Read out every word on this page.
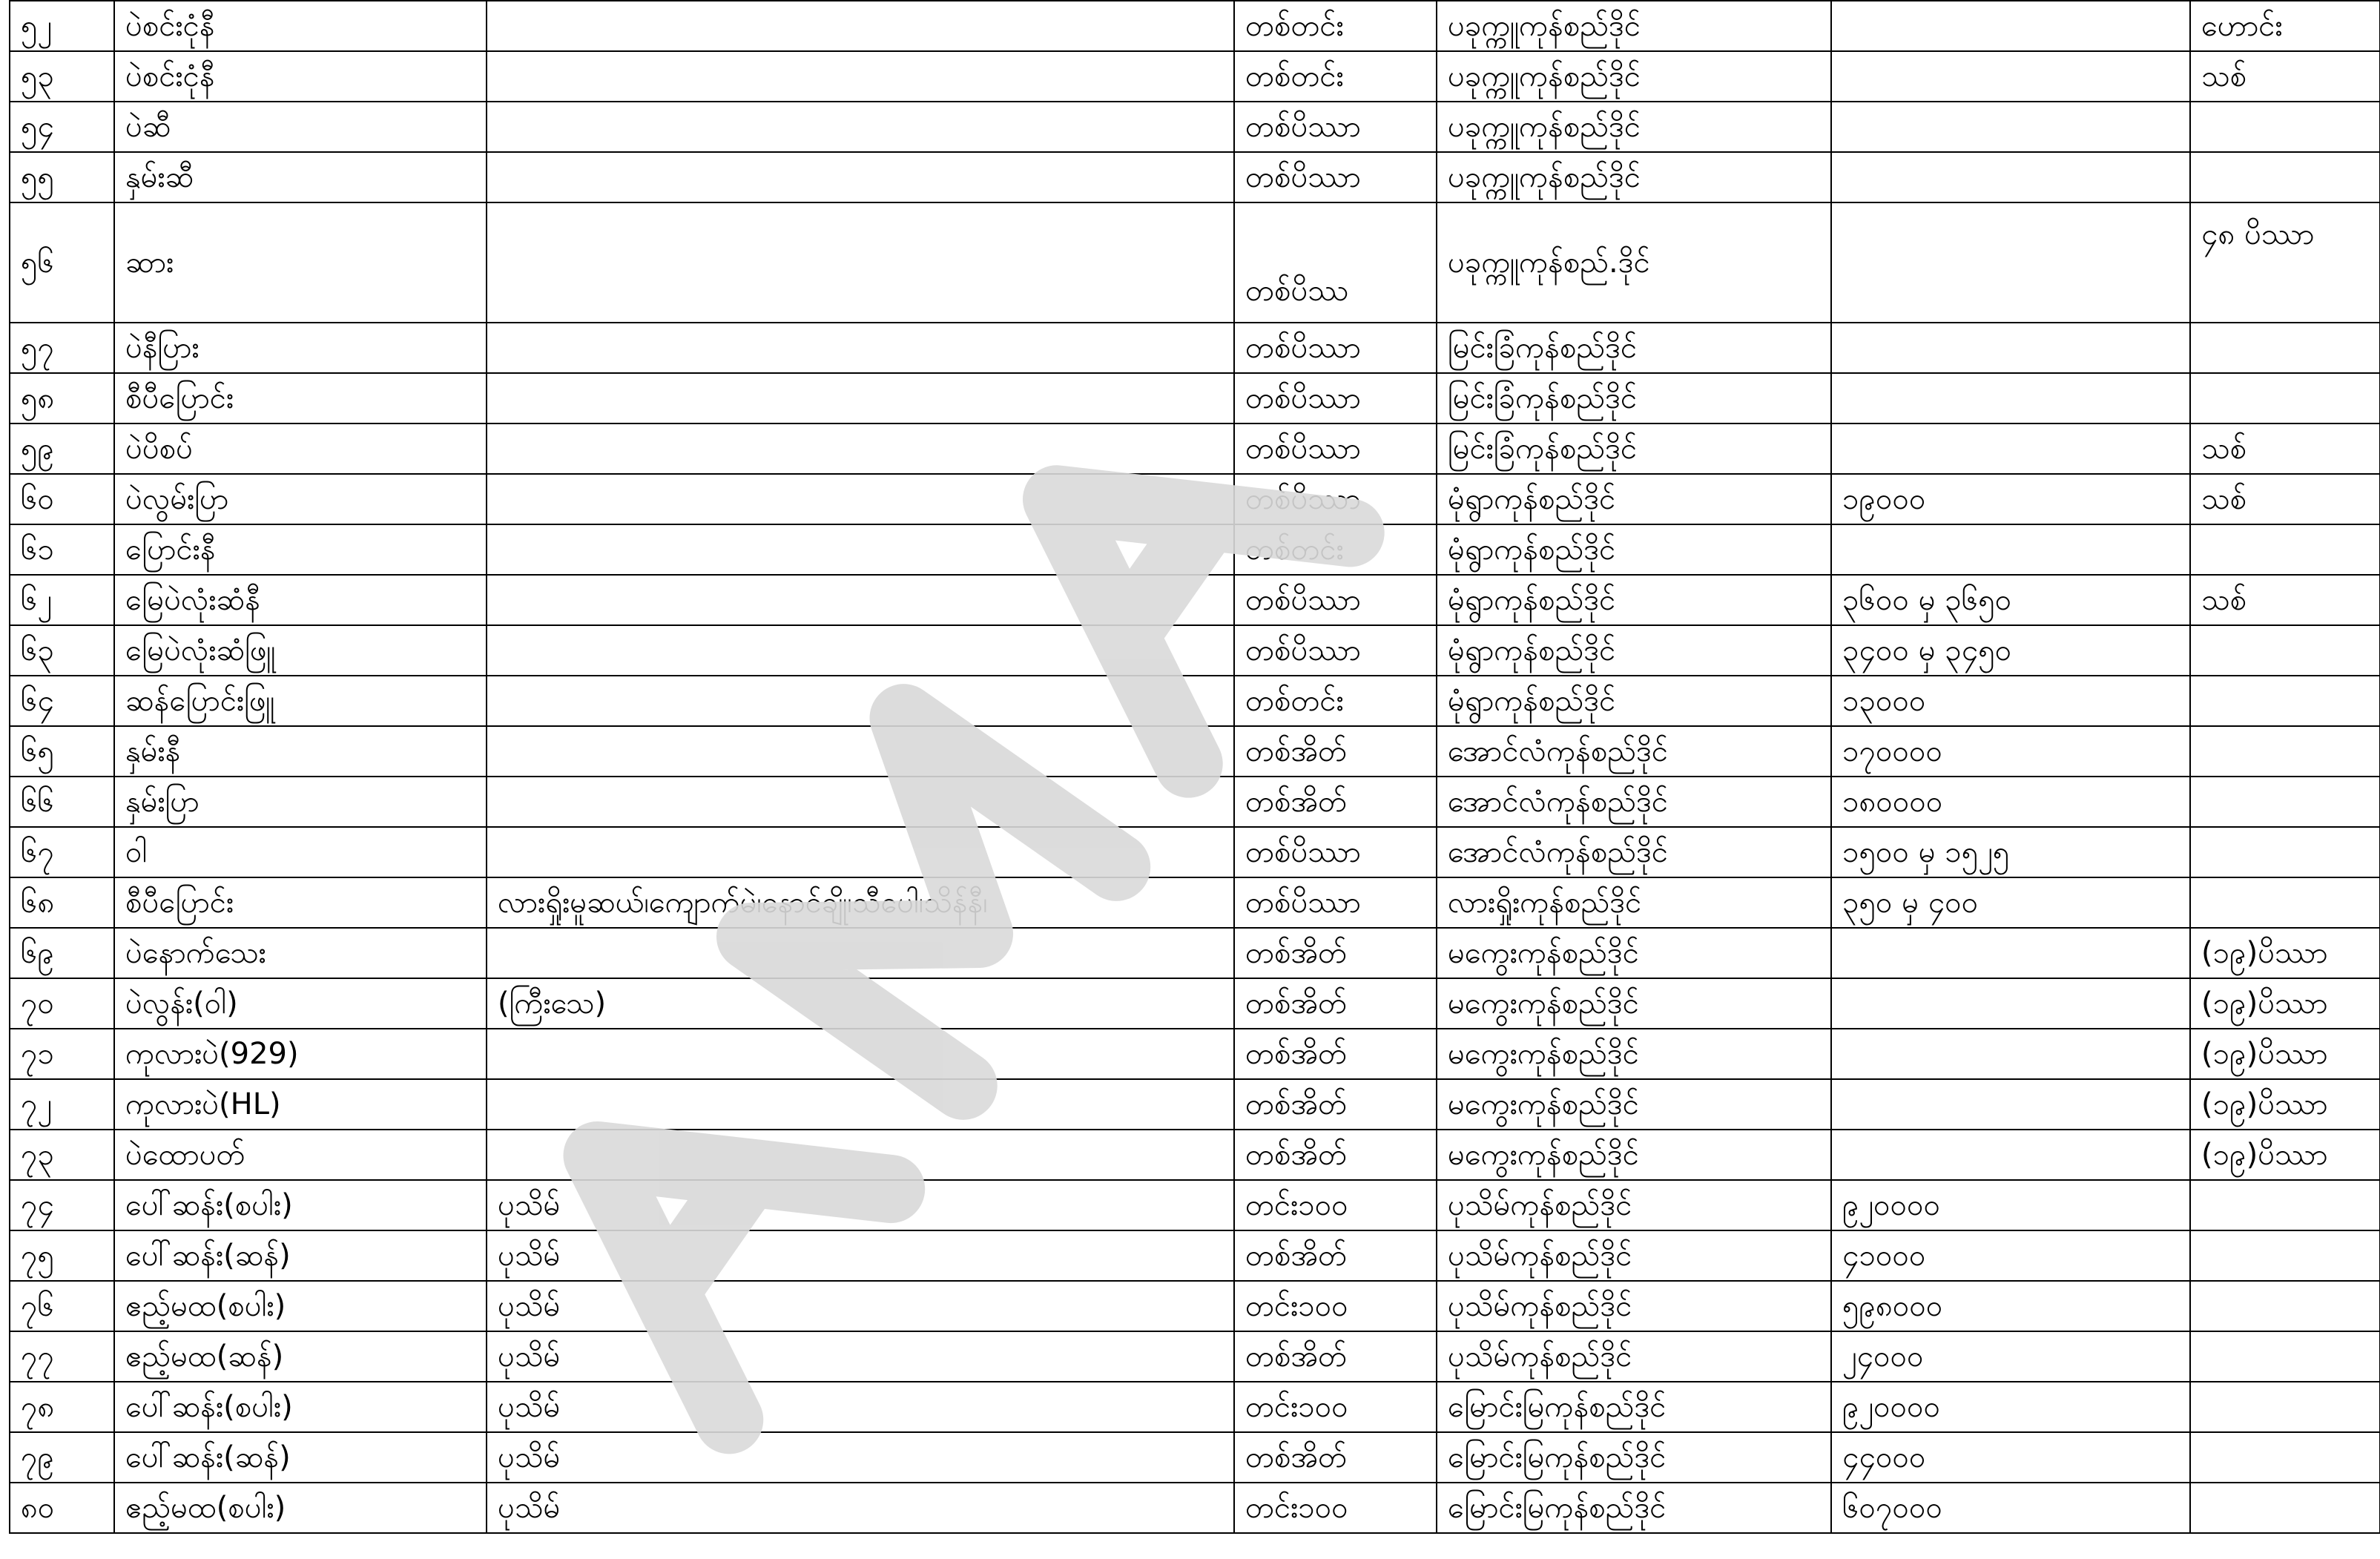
၅၂	ပဲစင်းငုံနီ		တစ်တင်း	ပခုက္ကူကုန်စည်ဒိုင်		ဟောင်း
၅၃	ပဲစင်းငုံနီ		တစ်တင်း	ပခုက္ကူကုန်စည်ဒိုင်		သစ်
၅၄	ပဲဆီ		တစ်ပိဿာ	ပခုက္ကူကုန်စည်ဒိုင်		
၅၅	နှမ်းဆီ		တစ်ပိဿာ	ပခုက္ကူကုန်စည်ဒိုင်		
၅၆	ဆား		တစ်ပိဿ	ပခုက္ကူကုန်စည်.ဒိုင်		၄၈ ပိဿာ
၅၇	ပဲနီပြား		တစ်ပိဿာ	မြင်းခြံကုန်စည်ဒိုင်		
၅၈	စီပီပြောင်း		တစ်ပိဿာ	မြင်းခြံကုန်စည်ဒိုင်		
၅၉	ပဲပိစပ်		တစ်ပိဿာ	မြင်းခြံကုန်စည်ဒိုင်		သစ်
၆၀	ပဲလွမ်းပြာ		တစ်ပိဿာ	မုံရွာကုန်စည်ဒိုင်	၁၉၀၀၀	သစ်
၆၁	ပြောင်းနီ		တစ်တင်း	မုံရွာကုန်စည်ဒိုင်		
၆၂	မြေပဲလုံးဆံနီ		တစ်ပိဿာ	မုံရွာကုန်စည်ဒိုင်	၃၆၀၀ မှ ၃၆၅၀	သစ်
၆၃	မြေပဲလုံးဆံဖြူ		တစ်ပိဿာ	မုံရွာကုန်စည်ဒိုင်	၃၄၀၀ မှ ၃၄၅၀	
၆၄	ဆန်ပြောင်းဖြူ		တစ်တင်း	မုံရွာကုန်စည်ဒိုင်	၁၃၀၀၀	
၆၅	နှမ်းနီ		တစ်အိတ်	အောင်လံကုန်စည်ဒိုင်	၁၇၀၀၀၀	
၆၆	နှမ်းပြာ		တစ်အိတ်	အောင်လံကုန်စည်ဒိုင်	၁၈၀၀၀၀	
၆၇	ဝါ		တစ်ပိဿာ	အောင်လံကုန်စည်ဒိုင်	၁၅၀၀ မှ ၁၅၂၅	
၆၈	စီပီပြောင်း	လားရှိုးမူဆယ်၊ကျောက်မဲ၊နောင်ချို၊သီပေါ၊သိန်နီ၊	တစ်ပိဿာ	လားရှိုးကုန်စည်ဒိုင်	၃၅၀ မှ ၄၀၀	
၆၉	ပဲနောက်သေး		တစ်အိတ်	မကွေးကုန်စည်ဒိုင်		(၁၉)ပိဿာ
၇၀	ပဲလွန်း(ဝါ)	(ကြီးသေ)	တစ်အိတ်	မကွေးကုန်စည်ဒိုင်		(၁၉)ပိဿာ
၇၁	ကုလားပဲ(929)		တစ်အိတ်	မကွေးကုန်စည်ဒိုင်		(၁၉)ပိဿာ
၇၂	ကုလားပဲ(HL)		တစ်အိတ်	မကွေးကုန်စည်ဒိုင်		(၁၉)ပိဿာ
၇၃	ပဲထောပတ်		တစ်အိတ်	မကွေးကုန်စည်ဒိုင်		(၁၉)ပိဿာ
၇၄	ပေါ်ဆန်း(စပါး)	ပုသိမ်	တင်း၁၀၀	ပုသိမ်ကုန်စည်ဒိုင်	၉၂၀၀၀၀	
၇၅	ပေါ်ဆန်း(ဆန်)	ပုသိမ်	တစ်အိတ်	ပုသိမ်ကုန်စည်ဒိုင်	၄၁၀၀၀	
၇၆	ဧည့်မထ(စပါး)	ပုသိမ်	တင်း၁၀၀	ပုသိမ်ကုန်စည်ဒိုင်	၅၉၈၀၀၀	
၇၇	ဧည့်မထ(ဆန်)	ပုသိမ်	တစ်အိတ်	ပုသိမ်ကုန်စည်ဒိုင်	၂၄၀၀၀	
၇၈	ပေါ်ဆန်း(စပါး)	ပုသိမ်	တင်း၁၀၀	မြောင်းမြကုန်စည်ဒိုင်	၉၂၀၀၀၀	
၇၉	ပေါ်ဆန်း(ဆန်)	ပုသိမ်	တစ်အိတ်	မြောင်းမြကုန်စည်ဒိုင်	၄၄၀၀၀	
၈၀	ဧည့်မထ(စပါး)	ပုသိမ်	တင်း၁၀၀	မြောင်းမြကုန်စည်ဒိုင်	၆၀၇၀၀၀	
